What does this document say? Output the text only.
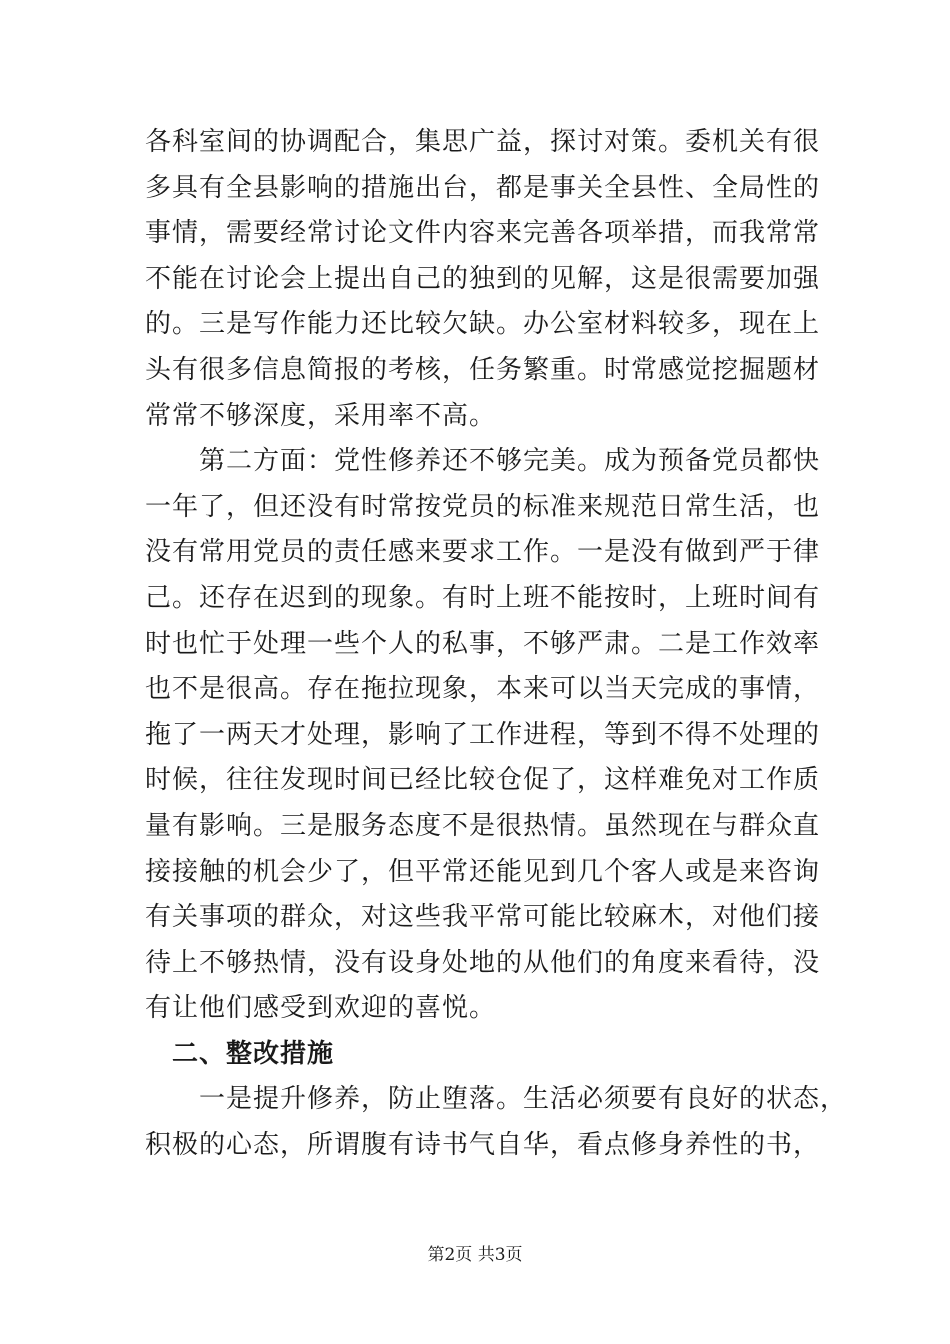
各科室间的协调配合，集思广益，探讨对策。委机关有很
多具有全县影响的措施出台，都是事关全县性、全局性的
事情，需要经常讨论文件内容来完善各项举措，而我常常
不能在讨论会上提出自己的独到的见解，这是很需要加强
的。三是写作能力还比较欠缺。办公室材料较多，现在上
头有很多信息简报的考核，任务繁重。时常感觉挖掘题材
常常不够深度，采用率不高。
　　第二方面：党性修养还不够完美。成为预备党员都快
一年了，但还没有时常按党员的标准来规范日常生活，也
没有常用党员的责任感来要求工作。一是没有做到严于律
己。还存在迟到的现象。有时上班不能按时，上班时间有
时也忙于处理一些个人的私事，不够严肃。二是工作效率
也不是很高。存在拖拉现象，本来可以当天完成的事情，
拖了一两天才处理，影响了工作进程，等到不得不处理的
时候，往往发现时间已经比较仓促了，这样难免对工作质
量有影响。三是服务态度不是很热情。虽然现在与群众直
接接触的机会少了，但平常还能见到几个客人或是来咨询
有关事项的群众，对这些我平常可能比较麻木，对他们接
待上不够热情，没有设身处地的从他们的角度来看待，没
有让他们感受到欢迎的喜悦。
　二、整改措施
　　一是提升修养，防止堕落。生活必须要有良好的状态，
积极的心态，所谓腹有诗书气自华，看点修身养性的书，
第2页 共3页
